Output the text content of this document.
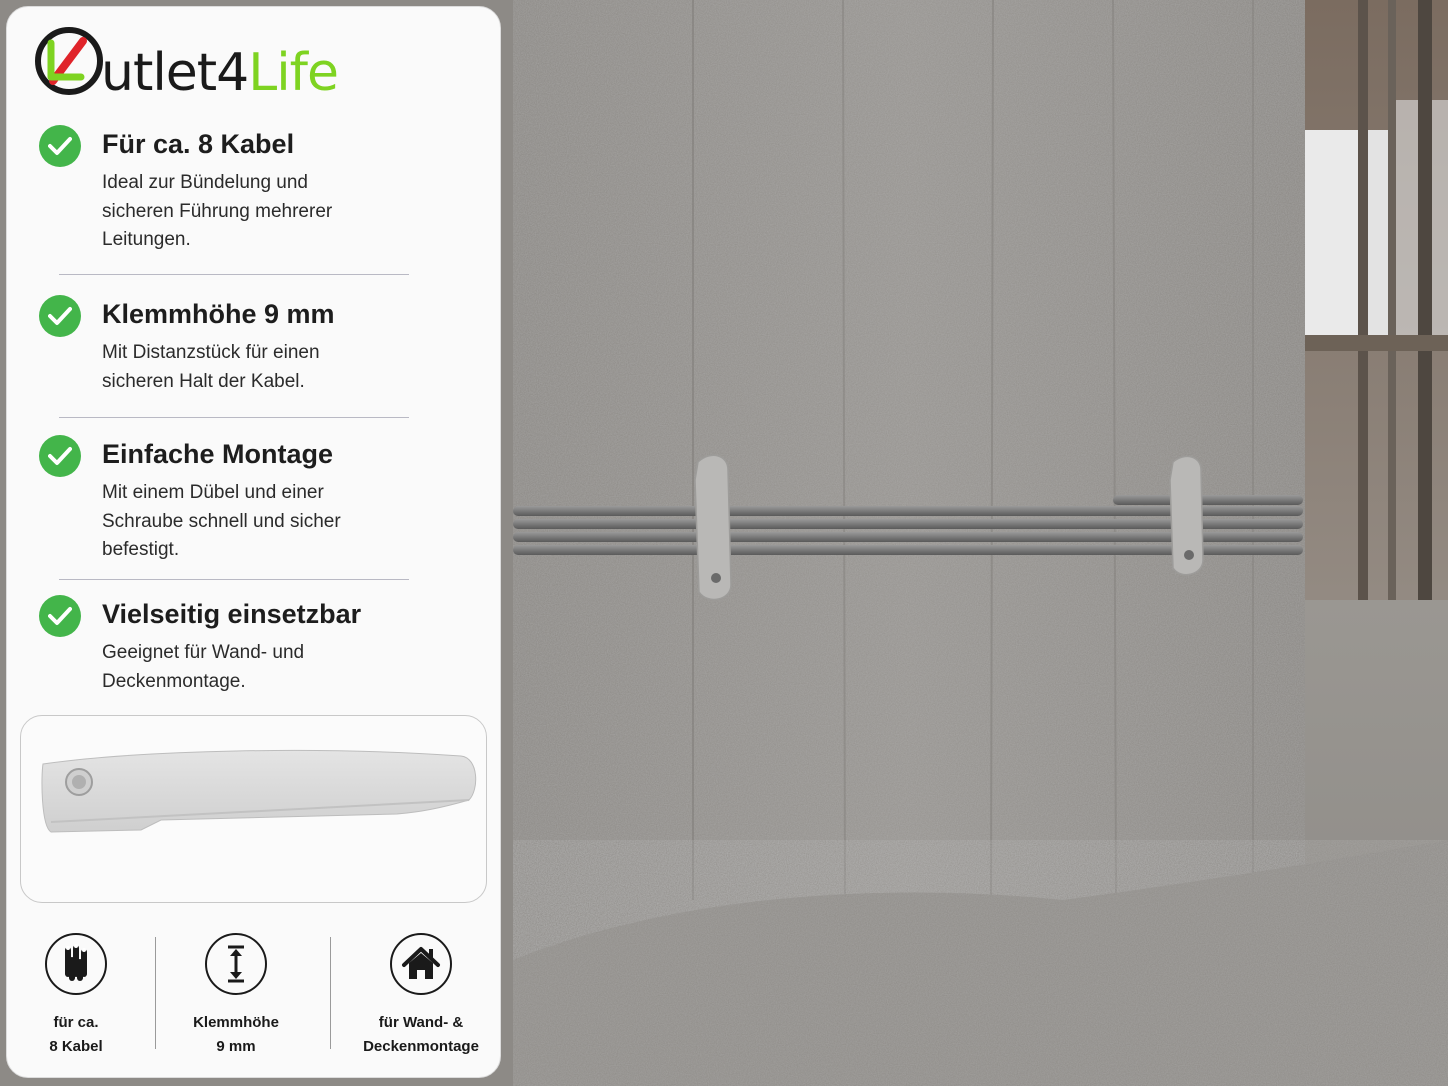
utlet4Life
Für ca. 8 Kabel
Ideal zur Bündelung und
sicheren Führung mehrerer
Leitungen.
Klemmhöhe 9 mm
Mit Distanzstück für einen
sicheren Halt der Kabel.
Einfache Montage
Mit einem Dübel und einer
Schraube schnell und sicher
befestigt.
Vielseitig einsetzbar
Geeignet für Wand- und
Deckenmontage.
für ca.
8 Kabel
Klemmhöhe
9 mm
für Wand- &
Deckenmontage
